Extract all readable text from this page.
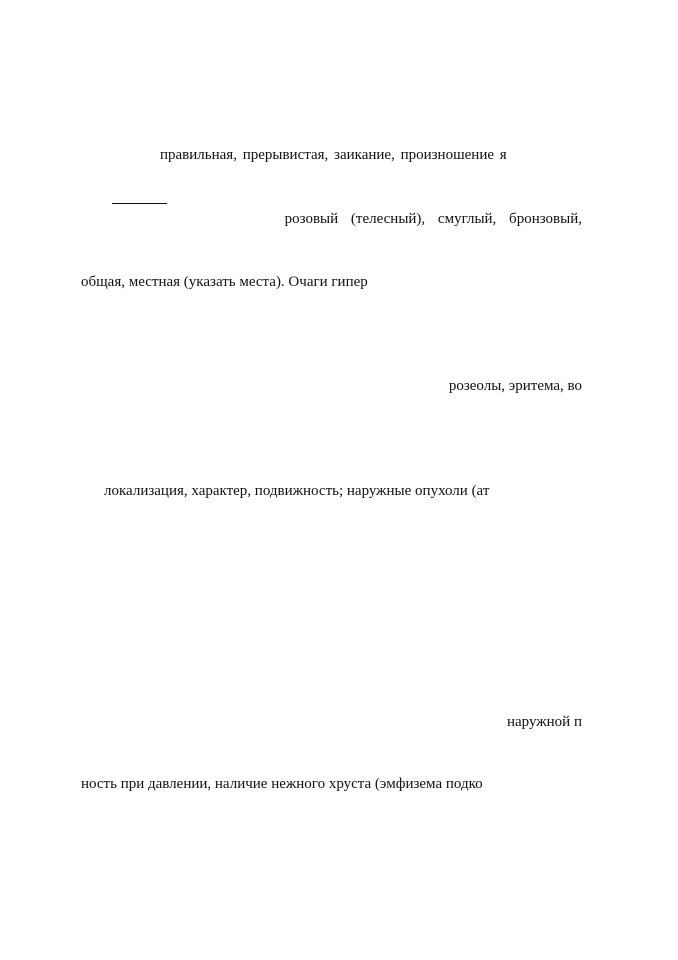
правильная, прерывистая, заикание, произношение я

розовый (телесный), смуглый, бронзовый,

общая, местная (указать места). Очаги гипер

розеолы, эритема, во

локализация, характер, подвижность; наружные опухоли (ат

наружной п

ность при давлении, наличие нежного хруста (эмфизема подко
